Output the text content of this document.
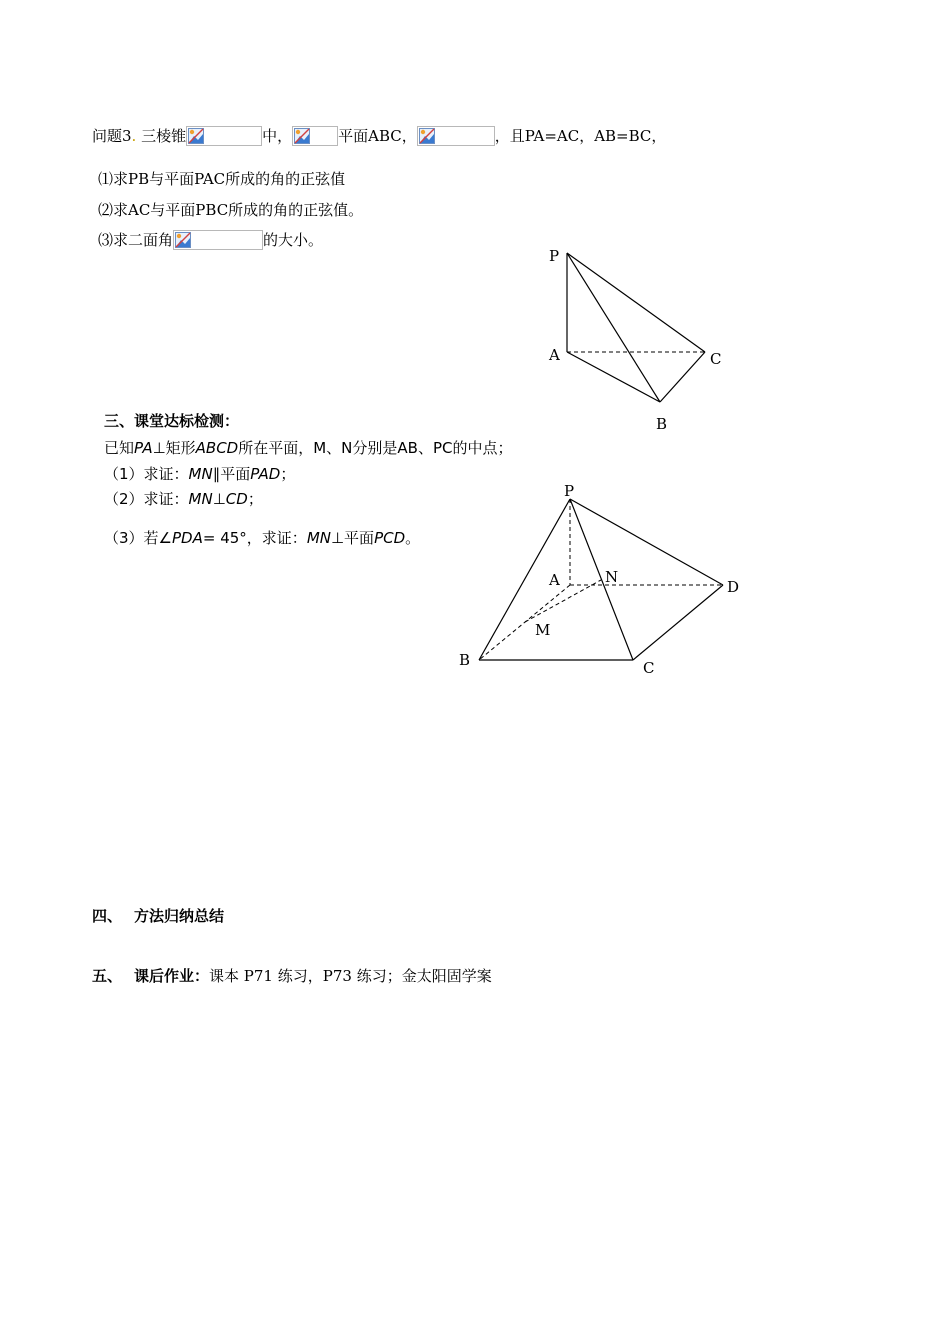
问题3. 三棱锥	中，	平面ABC，	，且PA=AC，AB=BC，
⑴求PB与平面PAC所成的角的正弦值
⑵求AC与平面PBC所成的角的正弦值。
⑶求二面角	的大小。
P
A	C
B
三、课堂达标检测：
已知PA⊥矩形ABCD所在平面，M、N分别是AB、PC的中点；
（1）求证：MN∥平面PAD；
（2）求证：MN⊥CD；
（3）若∠PDA= 45°，求证：MN⊥平面PCD。
P
A	N
D
M
B	C
四、 方法归纳总结
五、 课后作业：课本 P71 练习，P73 练习；金太阳固学案
